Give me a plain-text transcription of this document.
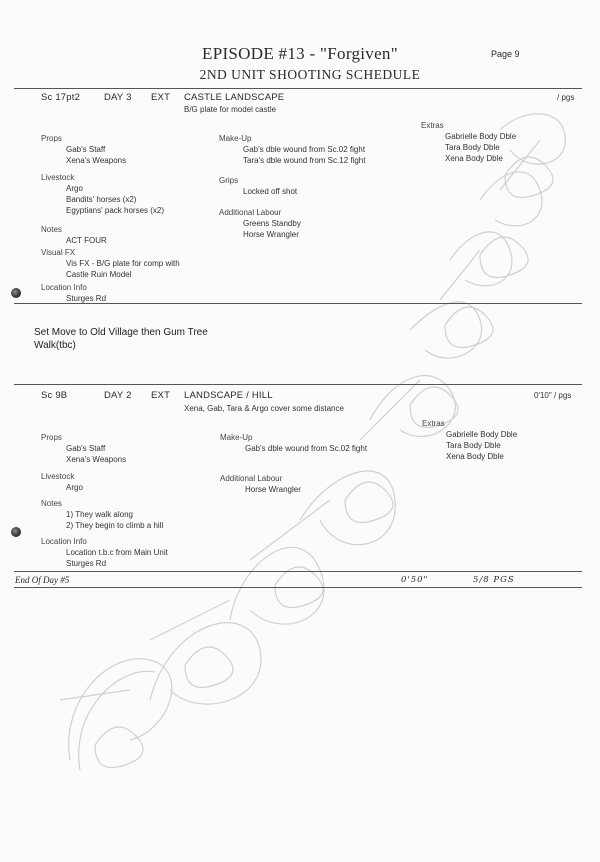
EPISODE #13 - "Forgiven"
2ND UNIT SHOOTING SCHEDULE
Page 9
Sc 17pt2	DAY 3 EXT CASTLE LANDSCAPE	/ pgs
B/G plate for model castle
Props
Gab's Staff
Xena's Weapons
Livestock
Argo
Bandits' horses (x2)
Egyptians' pack horses (x2)
Notes
ACT FOUR
Visual FX
Vis FX - B/G plate for comp with
Castle Ruin Model
Location Info
Sturges Rd
Make-Up
Gab's dble wound from Sc.02 fight
Tara's dble wound from Sc.12 fight
Grips
Locked off shot
Additional Labour
Greens Standby
Horse Wrangler
Extras
Gabrielle Body Dble
Tara Body Dble
Xena Body Dble
Set Move to Old Village then Gum Tree
Walk(tbc)
Sc 9B	DAY 2 EXT LANDSCAPE / HILL	0'10" / pgs
Xena, Gab, Tara & Argo cover some distance
Props
Gab's Staff
Xena's Weapons
Livestock
Argo
Notes
1) They walk along
2) They begin to climb a hill
Location Info
Location t.b.c from Main Unit
Sturges Rd
Make-Up
Gab's dble wound from Sc.02 fight
Additional Labour
Horse Wrangler
Extras
Gabrielle Body Dble
Tara Body Dble
Xena Body Dble
End Of Day #5	0'50"	5/8 PGS
